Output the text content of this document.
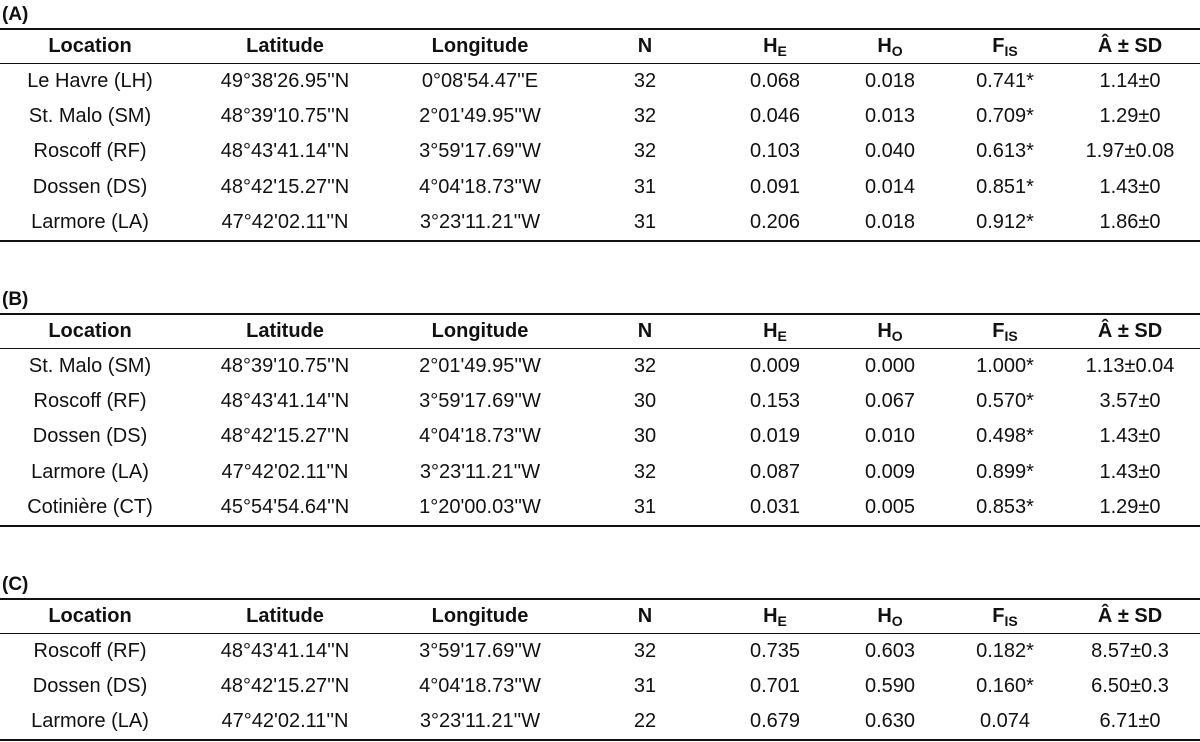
(A)
Location	Latitude	Longitude	N	$H_E$	$H_O$	$F_{IS}$	Â ± SD
Le Havre (LH)	49°38'26.95''N	0°08'54.47''E	32	0.068	0.018	0.741*	1.14±0
St. Malo (SM)	48°39'10.75''N	2°01'49.95''W	32	0.046	0.013	0.709*	1.29±0
Roscoff (RF)	48°43'41.14''N	3°59'17.69''W	32	0.103	0.040	0.613*	1.97±0.08
Dossen (DS)	48°42'15.27''N	4°04'18.73''W	31	0.091	0.014	0.851*	1.43±0
Larmore (LA)	47°42'02.11''N	3°23'11.21''W	31	0.206	0.018	0.912*	1.86±0
(B)
Location	Latitude	Longitude	N	$H_E$	$H_O$	$F_{IS}$	Â ± SD
St. Malo (SM)	48°39'10.75''N	2°01'49.95''W	32	0.009	0.000	1.000*	1.13±0.04
Roscoff (RF)	48°43'41.14''N	3°59'17.69''W	30	0.153	0.067	0.570*	3.57±0
Dossen (DS)	48°42'15.27''N	4°04'18.73''W	30	0.019	0.010	0.498*	1.43±0
Larmore (LA)	47°42'02.11''N	3°23'11.21''W	32	0.087	0.009	0.899*	1.43±0
Cotinière (CT)	45°54'54.64''N	1°20'00.03''W	31	0.031	0.005	0.853*	1.29±0
(C)
Location	Latitude	Longitude	N	$H_E$	$H_O$	$F_{IS}$	Â ± SD
Roscoff (RF)	48°43'41.14''N	3°59'17.69''W	32	0.735	0.603	0.182*	8.57±0.3
Dossen (DS)	48°42'15.27''N	4°04'18.73''W	31	0.701	0.590	0.160*	6.50±0.3
Larmore (LA)	47°42'02.11''N	3°23'11.21''W	22	0.679	0.630	0.074	6.71±0
